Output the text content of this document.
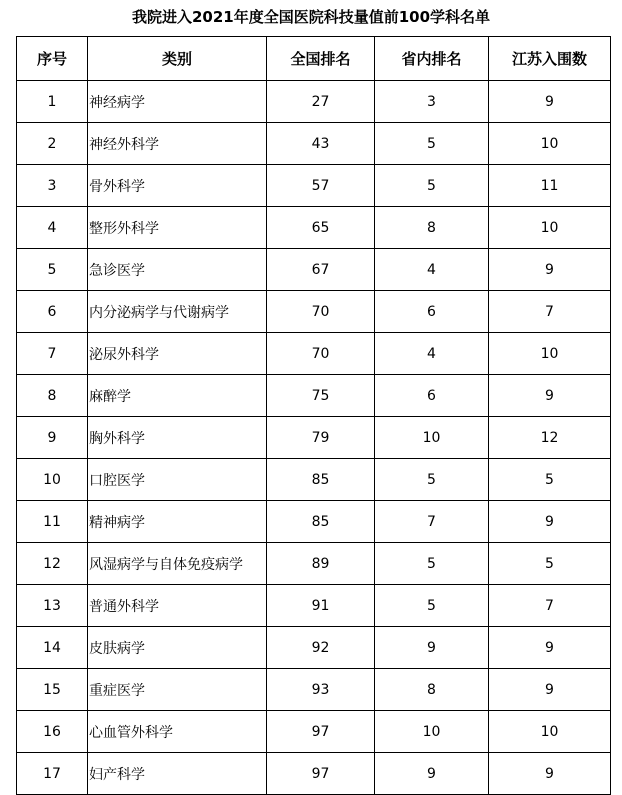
我院进入2021年度全国医院科技量值前100学科名单
序号	类别	全国排名	省内排名	江苏入围数
1	神经病学	27	3	9
2	神经外科学	43	5	10
3	骨外科学	57	5	11
4	整形外科学	65	8	10
5	急诊医学	67	4	9
6	内分泌病学与代谢病学	70	6	7
7	泌尿外科学	70	4	10
8	麻醉学	75	6	9
9	胸外科学	79	10	12
10	口腔医学	85	5	5
11	精神病学	85	7	9
12	风湿病学与自体免疫病学	89	5	5
13	普通外科学	91	5	7
14	皮肤病学	92	9	9
15	重症医学	93	8	9
16	心血管外科学	97	10	10
17	妇产科学	97	9	9
